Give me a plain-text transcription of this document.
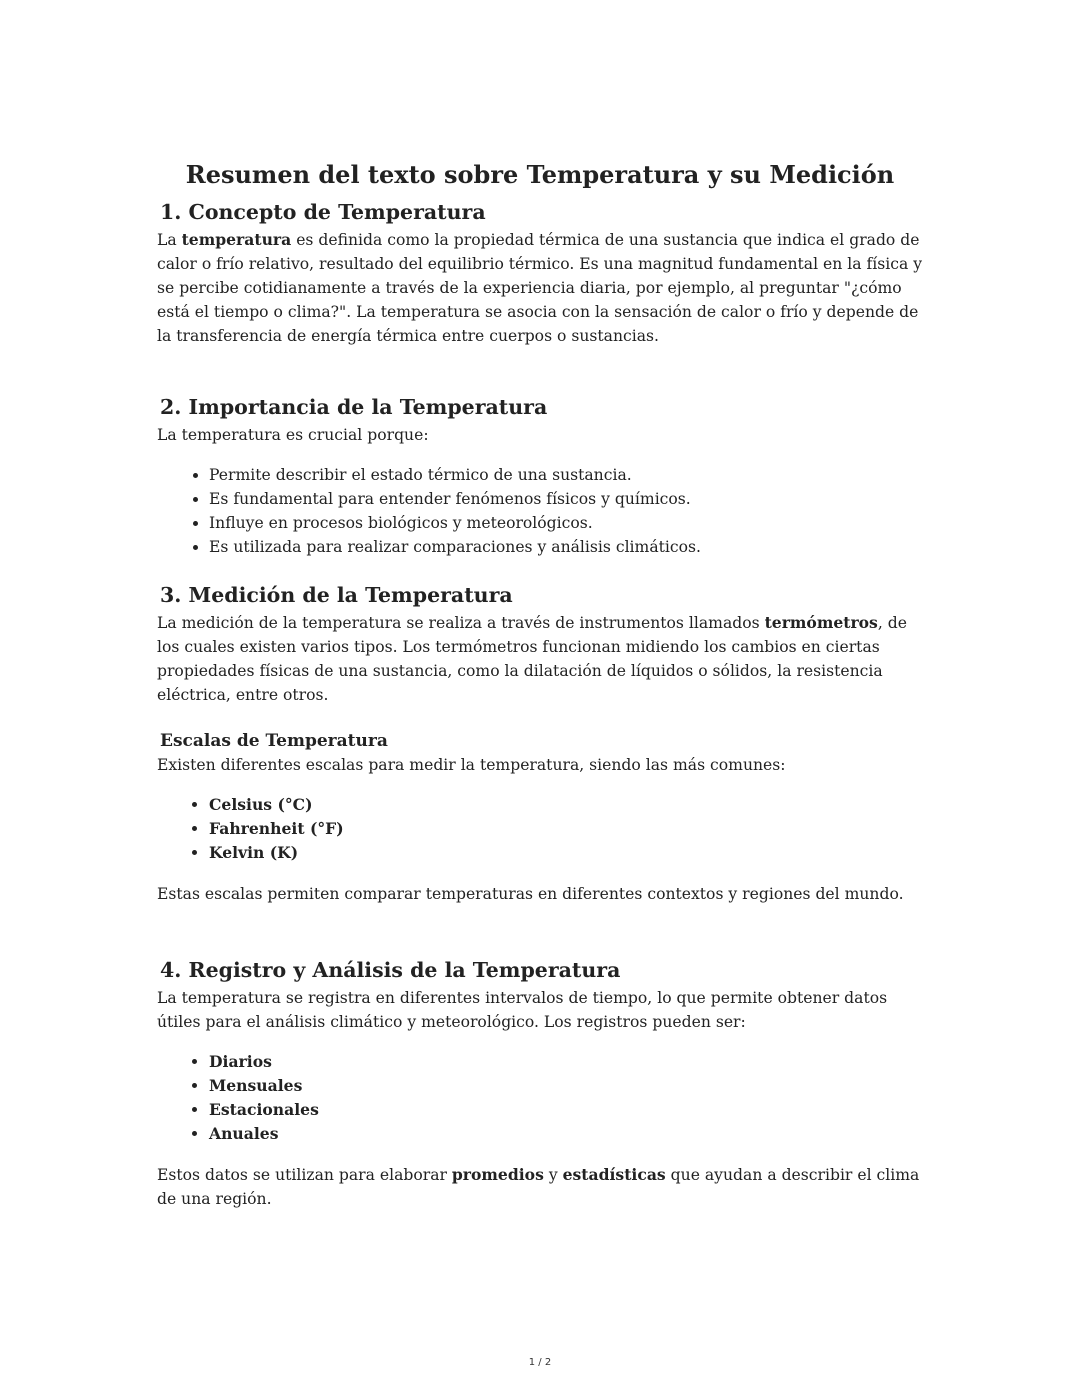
Resumen del texto sobre Temperatura y su Medición
1. Concepto de Temperatura

La temperatura es definida como la propiedad térmica de una sustancia que indica el grado de calor o frío relativo, resultado del equilibrio térmico. Es una magnitud fundamental en la física y se percibe cotidianamente a través de la experiencia diaria, por ejemplo, al preguntar "¿cómo está el tiempo o clima?". La temperatura se asocia con la sensación de calor o frío y depende de la transferencia de energía térmica entre cuerpos o sustancias.

2. Importancia de la Temperatura

La temperatura es crucial porque:

• Permite describir el estado térmico de una sustancia.
• Es fundamental para entender fenómenos físicos y químicos.
• Influye en procesos biológicos y meteorológicos.
• Es utilizada para realizar comparaciones y análisis climáticos.
3. Medición de la Temperatura

La medición de la temperatura se realiza a través de instrumentos llamados termómetros, de los cuales existen varios tipos. Los termómetros funcionan midiendo los cambios en ciertas propiedades físicas de una sustancia, como la dilatación de líquidos o sólidos, la resistencia eléctrica, entre otros.

Escalas de Temperatura

Existen diferentes escalas para medir la temperatura, siendo las más comunes:

• Celsius (°C)
• Fahrenheit (°F)
• Kelvin (K)

Estas escalas permiten comparar temperaturas en diferentes contextos y regiones del mundo.

4. Registro y Análisis de la Temperatura

La temperatura se registra en diferentes intervalos de tiempo, lo que permite obtener datos útiles para el análisis climático y meteorológico. Los registros pueden ser:

• Diarios
• Mensuales
• Estacionales
• Anuales

Estos datos se utilizan para elaborar promedios y estadísticas que ayudan a describir el clima de una región.

1 / 2
